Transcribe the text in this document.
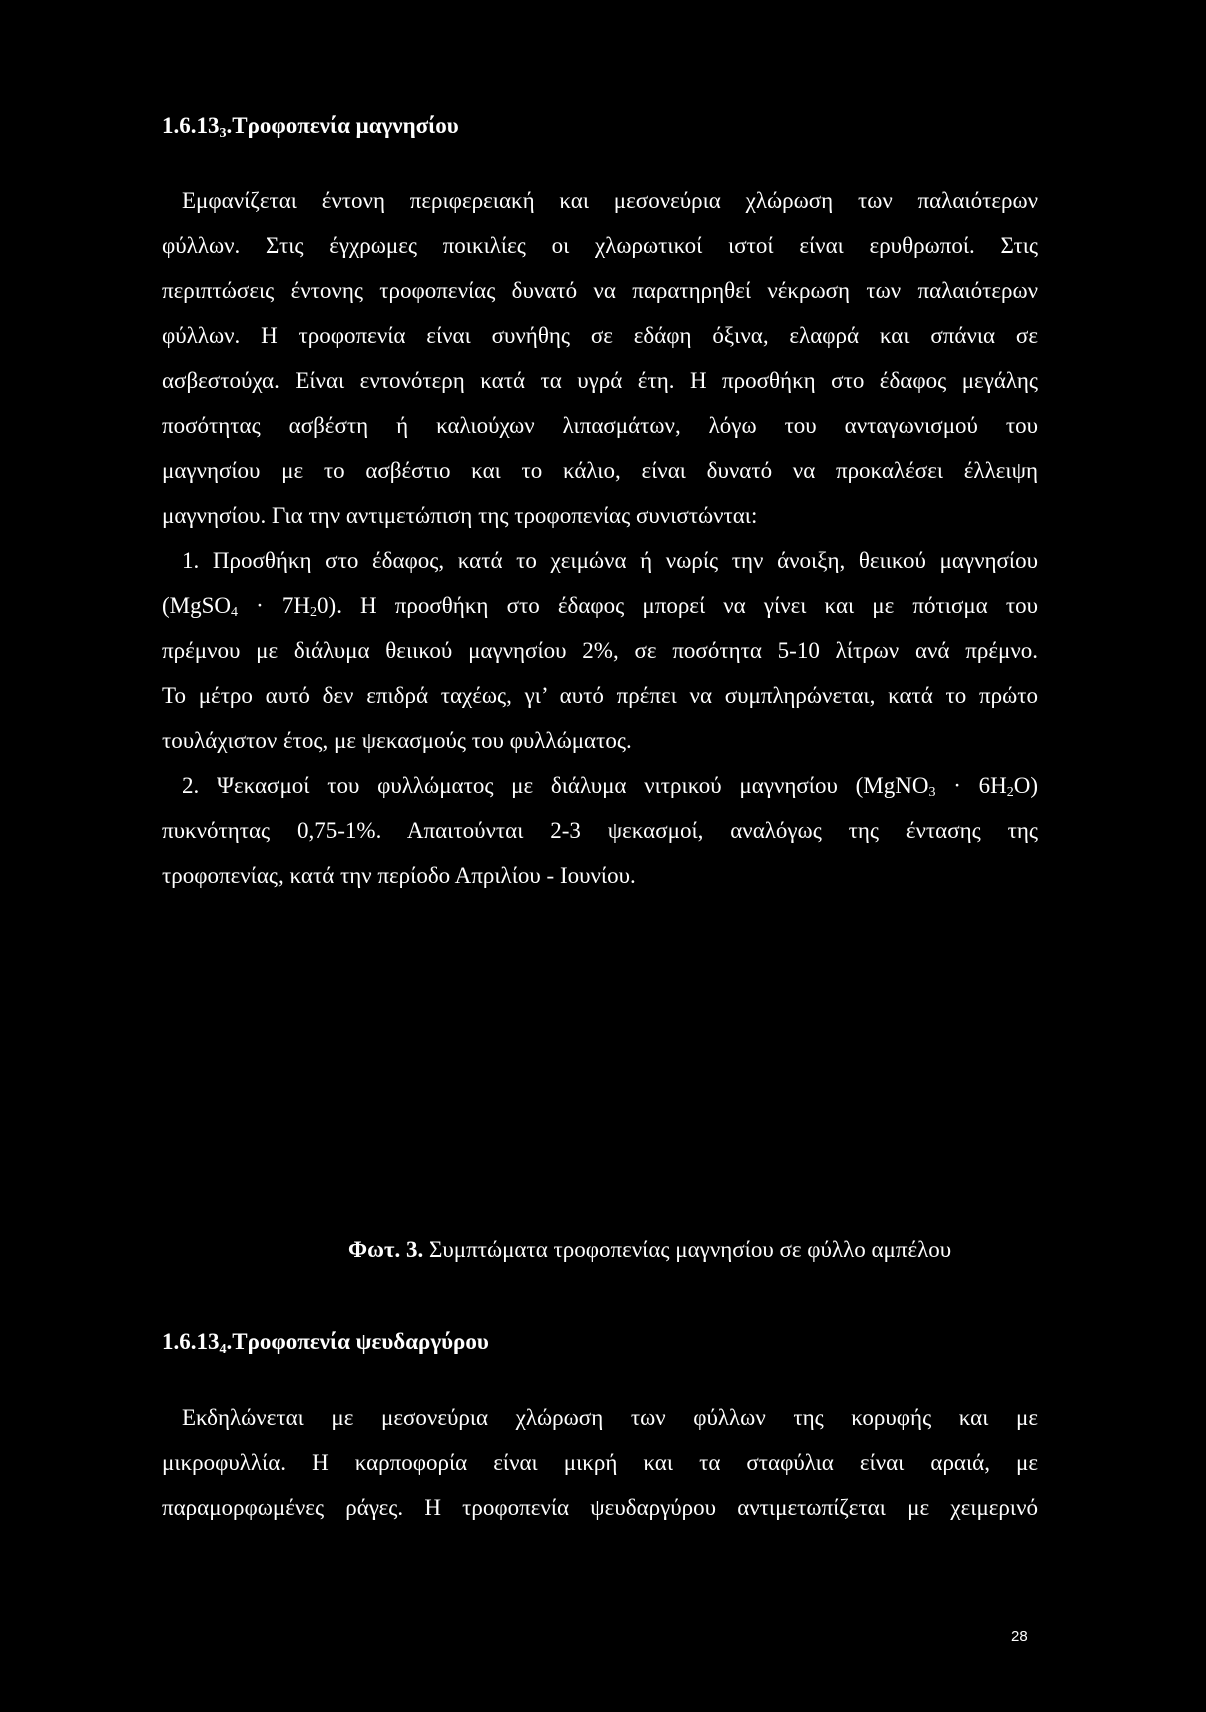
1.6.133.Τροφοπενία μαγνησίου
Εμφανίζεται έντονη περιφερειακή και μεσονεύρια χλώρωση των παλαιότερων
φύλλων. Στις έγχρωμες ποικιλίες οι χλωρωτικοί ιστοί είναι ερυθρωποί. Στις
περιπτώσεις έντονης τροφοπενίας δυνατό να παρατηρηθεί νέκρωση των παλαιότερων
φύλλων. Η τροφοπενία είναι συνήθης σε εδάφη όξινα, ελαφρά και σπάνια σε
ασβεστούχα. Είναι εντονότερη κατά τα υγρά έτη. Η προσθήκη στο έδαφος μεγάλης
ποσότητας ασβέστη ή καλιούχων λιπασμάτων, λόγω του ανταγωνισμού του
μαγνησίου με το ασβέστιο και το κάλιο, είναι δυνατό να προκαλέσει έλλειψη
μαγνησίου. Για την αντιμετώπιση της τροφοπενίας συνιστώνται:
1. Προσθήκη στο έδαφος, κατά το χειμώνα ή νωρίς την άνοιξη, θειικού μαγνησίου
(MgSO$_4$ · $7H_20$). Η προσθήκη στο έδαφος μπορεί να γίνει και με πότισμα του
πρέμνου με διάλυμα θειικού μαγνησίου 2%, σε ποσότητα 5-10 λίτρων ανά πρέμνο.
Το μέτρο αυτό δεν επιδρά ταχέως, γι’ αυτό πρέπει να συμπληρώνεται, κατά το πρώτο
τουλάχιστον έτος, με ψεκασμούς του φυλλώματος.
2. Ψεκασμοί του φυλλώματος με διάλυμα νιτρικού μαγνησίου (MgNO$_3$ · $6H_2O$)
πυκνότητας 0,75-1%. Απαιτούνται 2-3 ψεκασμοί, αναλόγως της έντασης της
τροφοπενίας, κατά την περίοδο Απριλίου - Ιουνίου.
Φωτ. 3. Συμπτώματα τροφοπενίας μαγνησίου σε φύλλο αμπέλου
1.6.134.Τροφοπενία ψευδαργύρου
Εκδηλώνεται με μεσονεύρια χλώρωση των φύλλων της κορυφής και με
μικροφυλλία. Η καρποφορία είναι μικρή και τα σταφύλια είναι αραιά, με
παραμορφωμένες ράγες. Η τροφοπενία ψευδαργύρου αντιμετωπίζεται με χειμερινό
28
